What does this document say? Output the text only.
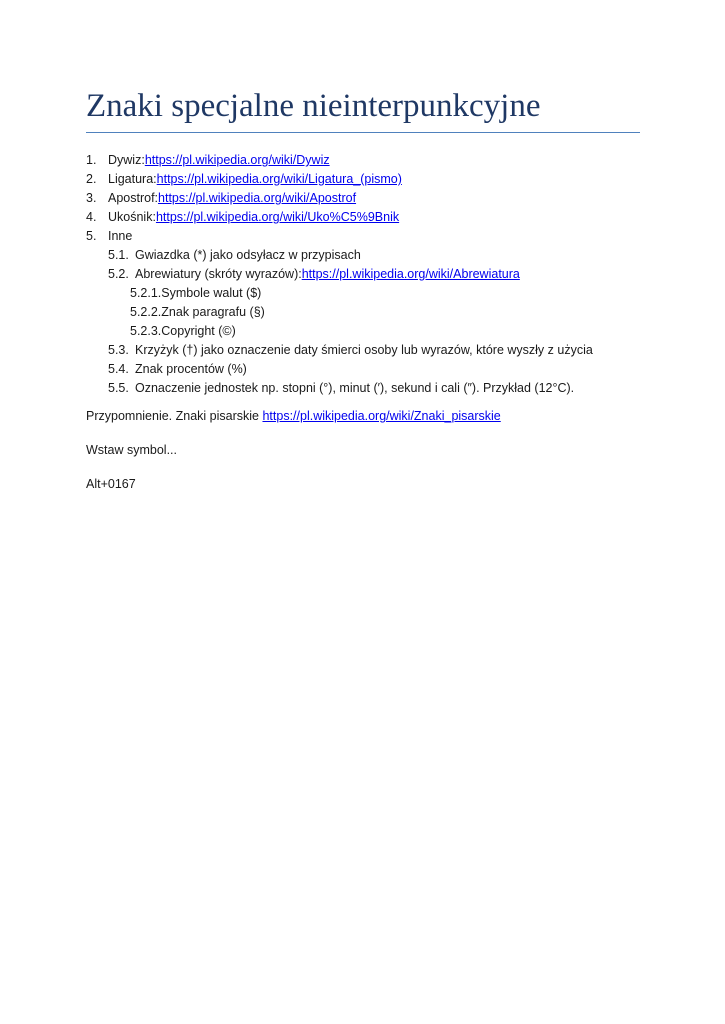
Znaki specjalne nieinterpunkcyjne
1. Dywiz: https://pl.wikipedia.org/wiki/Dywiz
2. Ligatura: https://pl.wikipedia.org/wiki/Ligatura_(pismo)
3. Apostrof: https://pl.wikipedia.org/wiki/Apostrof
4. Ukośnik: https://pl.wikipedia.org/wiki/Uko%C5%9Bnik
5. Inne
5.1. Gwiazdka (*) jako odsyłacz w przypisach
5.2. Abrewiatury (skróty wyrazów): https://pl.wikipedia.org/wiki/Abrewiatura
5.2.1. Symbole walut ($)
5.2.2. Znak paragrafu (§)
5.2.3. Copyright (©)
5.3. Krzyżyk (†) jako oznaczenie daty śmierci osoby lub wyrazów, które wyszły z użycia
5.4. Znak procentów (%)
5.5. Oznaczenie jednostek np. stopni (°), minut (′), sekund i cali (″). Przykład (12°C).
Przypomnienie. Znaki pisarskie https://pl.wikipedia.org/wiki/Znaki_pisarskie
Wstaw symbol...
Alt+0167
